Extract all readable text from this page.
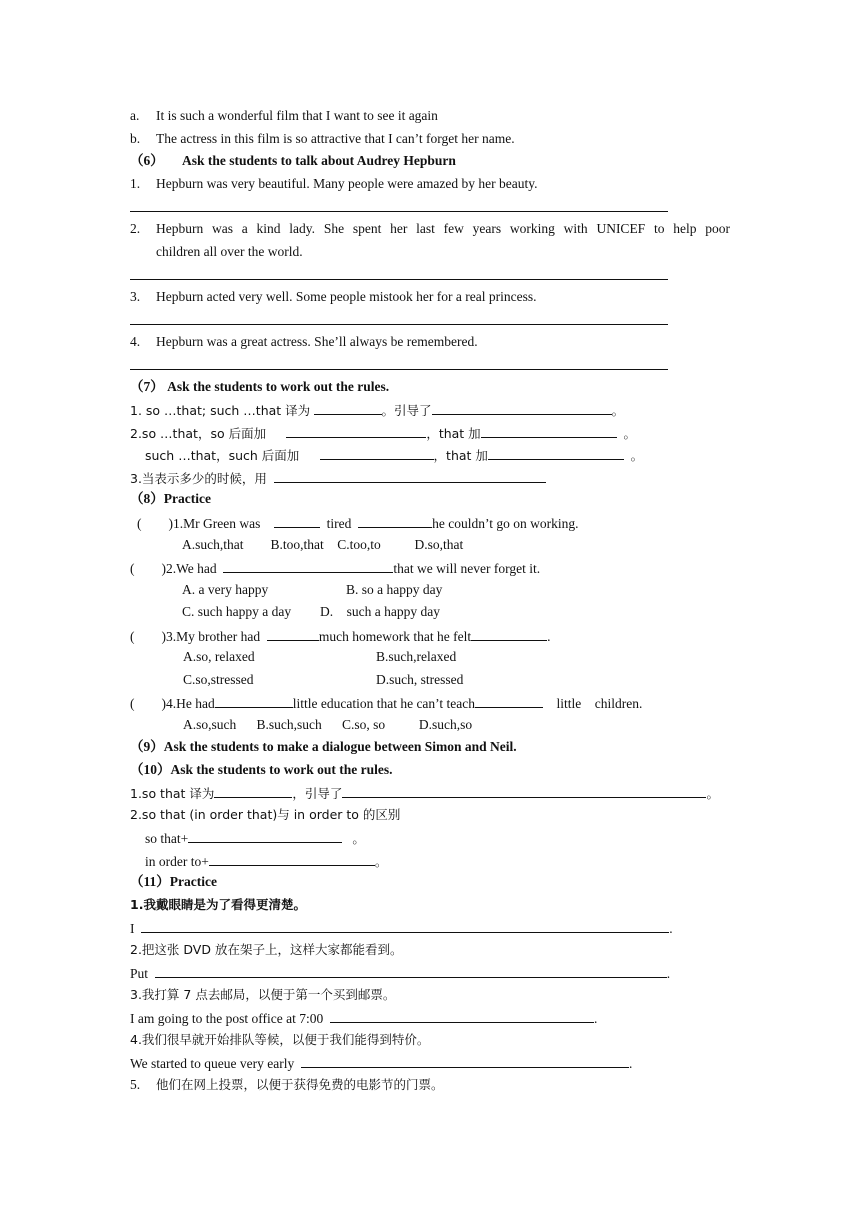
a. It is such a wonderful film that I want to see it again
b. The actress in this film is so attractive that I can’t forget her name.
（6） Ask the students to talk about Audrey Hepburn
1. Hepburn was very beautiful. Many people were amazed by her beauty.
2. Hepburn was a kind lady. She spent her last few years working with UNICEF to help poor
children all over the world.
3. Hepburn acted very well. Some people mistook her for a real princess.
4. Hepburn was a great actress. She’ll always be remembered.
（7） Ask the students to work out the rules.
1. so …that; such …that 译为	。引导了	。
2.so …that，so 后面加	，that 加	。
such …that，such 后面加	，that 加	。
3.当表示多少的时候，用
（8）Practice
(        )1.Mr Green was	tired	he couldn’t go on working.
A.such,that        B.too,that    C.too,to          D.so,that
(        )2.We had	that we will never forget it.
A. a very happy	B. so a happy day
C. such happy a day D.    such a happy day
(        )3.My brother had	much homework that he felt	.
A.so, relaxed	B.such,relaxed
C.so,stressed	D.such, stressed
(        )4.He had	little education that he can’t teach	little children.
A.so,such      B.such,such      C.so, so          D.such,so
（9）Ask the students to make a dialogue between Simon and Neil.
（10）Ask the students to work out the rules.
1.so that 译为	，引导了	。
2.so that (in order that)与 in order to 的区别
so that+	。
in order to+	。
（11）Practice
1.我戴眼睛是为了看得更清楚。
I	.
2.把这张 DVD 放在架子上，这样大家都能看到。
Put	.
3.我打算 7 点去邮局，以便于第一个买到邮票。
I am going to the post office at 7:00	.
4.我们很早就开始排队等候，以便于我们能得到特价。
We started to queue very early	.
5. 他们在网上投票，以便于获得免费的电影节的门票。
